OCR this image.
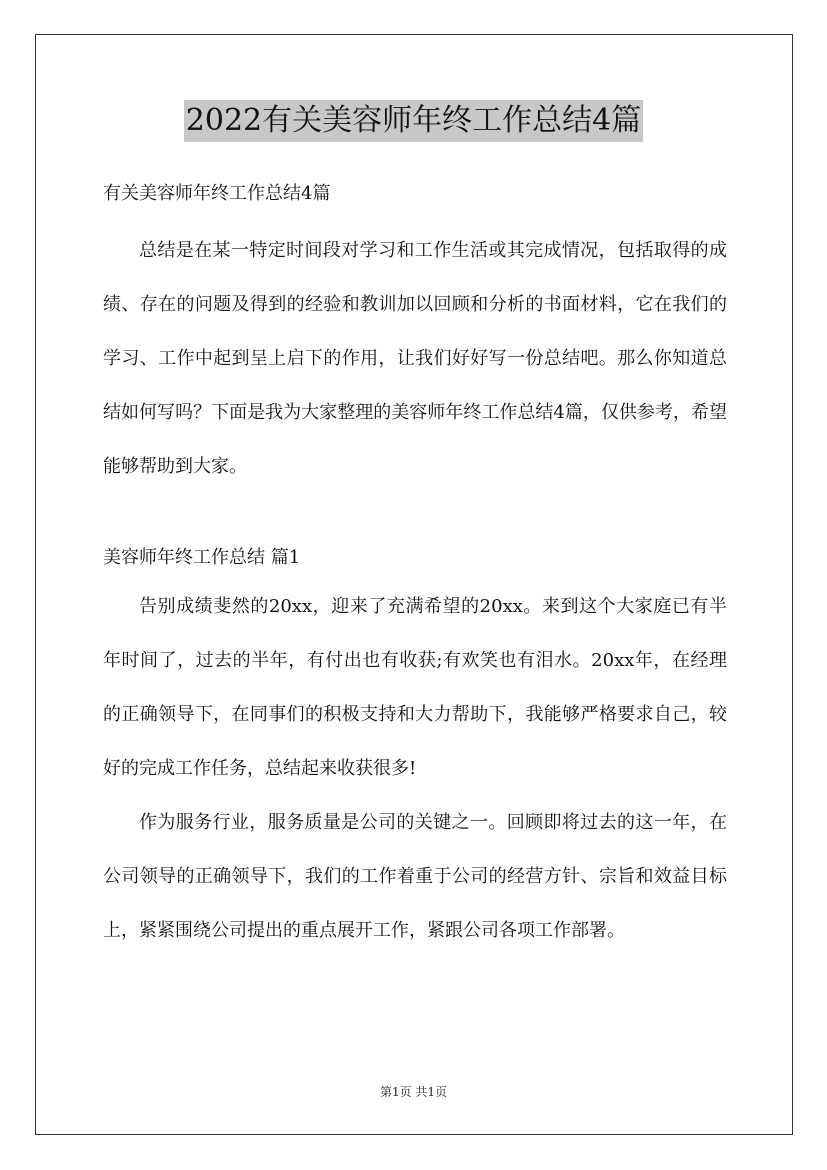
2022有关美容师年终工作总结4篇

有关美容师年终工作总结4篇

总结是在某一特定时间段对学习和工作生活或其完成情况，包括取得的成绩、存在的问题及得到的经验和教训加以回顾和分析的书面材料，它在我们的学习、工作中起到呈上启下的作用，让我们好好写一份总结吧。那么你知道总结如何写吗？下面是我为大家整理的美容师年终工作总结4篇，仅供参考，希望能够帮助到大家。

美容师年终工作总结 篇1

告别成绩斐然的20xx，迎来了充满希望的20xx。来到这个大家庭已有半年时间了，过去的半年，有付出也有收获;有欢笑也有泪水。20xx年，在经理的正确领导下，在同事们的积极支持和大力帮助下，我能够严格要求自己，较好的完成工作任务，总结起来收获很多!

作为服务行业，服务质量是公司的关键之一。回顾即将过去的这一年，在公司领导的正确领导下，我们的工作着重于公司的经营方针、宗旨和效益目标上，紧紧围绕公司提出的重点展开工作，紧跟公司各项工作部署。

第1页 共1页
